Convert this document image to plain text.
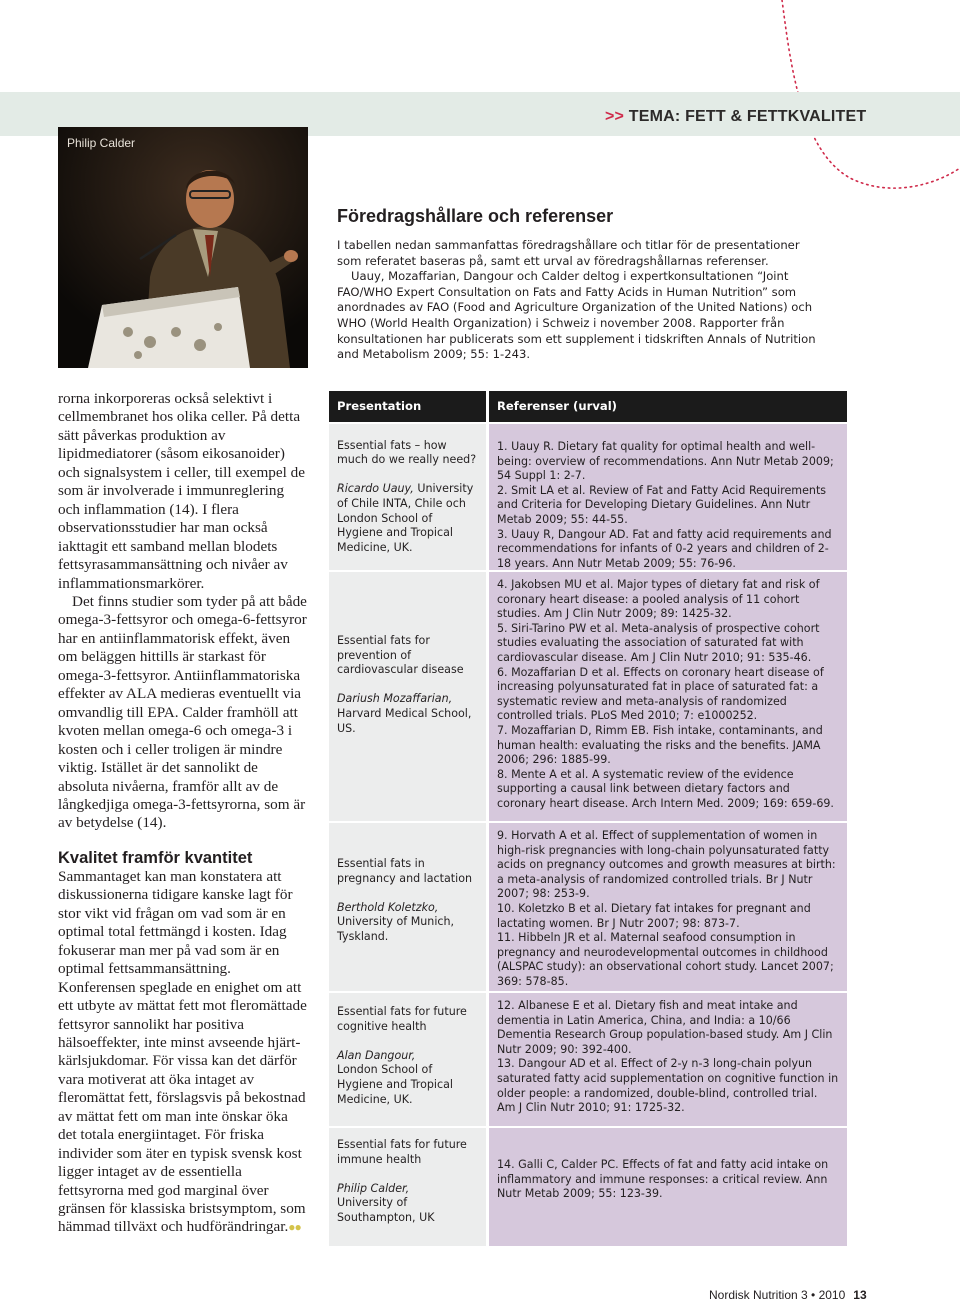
>> TEMA: FETT & FETTKVALITET
Philip Calder
Föredragshållare och referenser

I tabellen nedan sammanfattas föredragshållare och titlar för de presentationer som referatet baseras på, samt ett urval av föredragshållarnas referenser.

Uauy, Mozaffarian, Dangour och Calder deltog i expertkonsultationen “Joint FAO/WHO Expert Consultation on Fats and Fatty Acids in Human Nutrition” som anordnades av FAO (Food and Agriculture Organization of the United Nations) och WHO (World Health Organization) i Schweiz i november 2008. Rapporter från konsultationen har publicerats som ett supplement i tidskriften Annals of Nutrition and Metabolism 2009; 55: 1-243.

rorna inkorporeras också selektivt i cellmembranet hos olika celler. På detta sätt påverkas produktion av lipidmediatorer (såsom eikosanoider) och signalsystem i celler, till exempel de som är involverade i immunreglering och inflammation (14). I flera observationsstudier har man också iakttagit ett samband mellan blodets fettsyrasammansättning och nivåer av inflammationsmarkörer.

Det finns studier som tyder på att både omega-3-fettsyror och omega-6-fettsyror har en antiinflammatorisk effekt, även om beläggen hittills är starkast för omega-3-fettsyror. Antiinflammatoriska effekter av ALA medieras eventuellt via omvandlig till EPA. Calder framhöll att kvoten mellan omega-6 och omega-3 i kosten och i celler troligen är mindre viktig. Istället är det sannolikt de absoluta nivåerna, framför allt av de långkedjiga omega-3-fettsyrorna, som är av betydelse (14).

Kvalitet framför kvantitet

Sammantaget kan man konstatera att diskussionerna tidigare kanske lagt för stor vikt vid frågan om vad som är en optimal total fettmängd i kosten. Idag fokuserar man mer på vad som är en optimal fettsammansättning. Konferensen speglade en enighet om att ett utbyte av mättat fett mot fleromättade fettsyror sannolikt har positiva hälsoeffekter, inte minst avseende hjärt-kärlsjukdomar. För vissa kan det därför vara motiverat att öka intaget av fleromättat fett, förslagsvis på bekostnad av mättat fett om man inte önskar öka det totala energiintaget. För friska individer som äter en typisk svensk kost ligger intaget av de essentiella fettsyrorna med god marginal över gränsen för klassiska bristsymptom, som hämmad tillväxt och hudförändringar.●●

Presentation	Referenser (urval)

Essential fats – how much do we really need?

Ricardo Uauy, University of Chile INTA, Chile och London School of Hygiene and Tropical Medicine, UK.

1. Uauy R. Dietary fat quality for optimal health and well-being: overview of recommendations. Ann Nutr Metab 2009; 54 Suppl 1: 2-7.

2. Smit LA et al. Review of Fat and Fatty Acid Requirements and Criteria for Developing Dietary Guidelines. Ann Nutr Metab 2009; 55: 44-55.

3. Uauy R, Dangour AD. Fat and fatty acid requirements and recommendations for infants of 0-2 years and children of 2-18 years. Ann Nutr Metab 2009; 55: 76-96.

Essential fats for prevention of cardiovascular disease

Dariush Mozaffarian,

Harvard Medical School, US.

4. Jakobsen MU et al. Major types of dietary fat and risk of coronary heart disease: a pooled analysis of 11 cohort studies. Am J Clin Nutr 2009; 89: 1425-32.

5. Siri-Tarino PW et al. Meta-analysis of prospective cohort studies evaluating the association of saturated fat with cardiovascular disease. Am J Clin Nutr 2010; 91: 535-46.

6. Mozaffarian D et al. Effects on coronary heart disease of increasing polyunsaturated fat in place of saturated fat: a systematic review and meta-analysis of randomized controlled trials. PLoS Med 2010; 7: e1000252.

7. Mozaffarian D, Rimm EB. Fish intake, contaminants, and human health: evaluating the risks and the benefits. JAMA 2006; 296: 1885-99.

8. Mente A et al. A systematic review of the evidence supporting a causal link between dietary factors and coronary heart disease. Arch Intern Med. 2009; 169: 659-69.

Essential fats in pregnancy and lactation

Berthold Koletzko,

University of Munich, Tyskland.

9. Horvath A et al. Effect of supplementation of women in high-risk pregnancies with long-chain polyunsaturated fatty acids on pregnancy outcomes and growth measures at birth: a meta-analysis of randomized controlled trials. Br J Nutr 2007; 98: 253-9.

10. Koletzko B et al. Dietary fat intakes for pregnant and lactating women. Br J Nutr 2007; 98: 873-7.

11. Hibbeln JR et al. Maternal seafood consumption in pregnancy and neurodevelopmental outcomes in childhood (ALSPAC study): an observational cohort study. Lancet 2007; 369: 578-85.

Essential fats for future cognitive health

Alan Dangour,

London School of Hygiene and Tropical Medicine, UK.

12. Albanese E et al. Dietary fish and meat intake and dementia in Latin America, China, and India: a 10/66 Dementia Research Group population-based study. Am J Clin Nutr 2009; 90: 392-400.

13. Dangour AD et al. Effect of 2-y n-3 long-chain polyun saturated fatty acid supplementation on cognitive function in older people: a randomized, double-blind, controlled trial. Am J Clin Nutr 2010; 91: 1725-32.

Essential fats for future immune health

Philip Calder,

University of Southampton, UK

14. Galli C, Calder PC. Effects of fat and fatty acid intake on inflammatory and immune responses: a critical review. Ann Nutr Metab 2009; 55: 123-39.

Nordisk Nutrition 3 • 2010 13
